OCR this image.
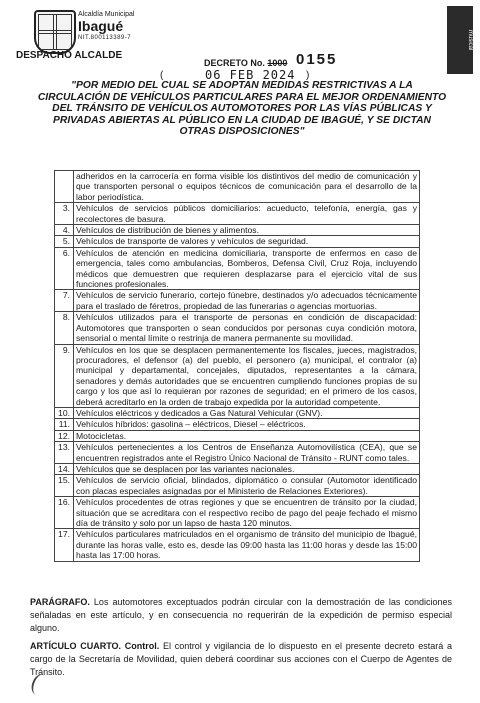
Alcaldía Municipal
Ibagué
NIT.800113389-7
DESPACHO ALCALDE
musical
DECRETO No. 1000 0155
(	06 FEB 2024 )
"POR MEDIO DEL CUAL SE ADOPTAN MEDIDAS RESTRICTIVAS A LA CIRCULACIÓN DE VEHÍCULOS PARTICULARES PARA EL MEJOR ORDENAMIENTO DEL TRÁNSITO DE VEHÍCULOS AUTOMOTORES POR LAS VÍAS PÚBLICAS Y PRIVADAS ABIERTAS AL PÚBLICO EN LA CIUDAD DE IBAGUÉ, Y SE DICTAN OTRAS DISPOSICIONES"
	adheridos en la carrocería en forma visible los distintivos del medio de comunicación y que transporten personal o equipos técnicos de comunicación para el desarrollo de la labor periodística.
3.	Vehículos de servicios públicos domiciliarios: acueducto, telefonía, energía, gas y recolectores de basura.
4.	Vehículos de distribución de bienes y alimentos.
5.	Vehículos de transporte de valores y vehículos de seguridad.
6.	Vehículos de atención en medicina domiciliaria, transporte de enfermos en caso de emergencia, tales como ambulancias, Bomberos, Defensa Civil, Cruz Roja, incluyendo médicos que demuestren que requieren desplazarse para el ejercicio vital de sus funciones profesionales.
7.	Vehículos de servicio funerario, cortejo fúnebre, destinados y/o adecuados técnicamente para el traslado de féretros, propiedad de las funerarias o agencias mortuorias.
8.	Vehículos utilizados para el transporte de personas en condición de discapacidad: Automotores que transporten o sean conducidos por personas cuya condición motora, sensorial o mental límite o restrinja de manera permanente su movilidad.
9.	Vehículos en los que se desplacen permanentemente los fiscales, jueces, magistrados, procuradores, el defensor (a) del pueblo, el personero (a) municipal, el contralor (a) municipal y departamental, concejales, diputados, representantes a la cámara, senadores y demás autoridades que se encuentren cumpliendo funciones propias de su cargo y los que así lo requieran por razones de seguridad; en el primero de los casos, deberá acreditarlo en la orden de trabajo expedida por la autoridad competente.
10.	Vehículos eléctricos y dedicados a Gas Natural Vehicular (GNV).
11.	Vehículos híbridos: gasolina – eléctricos, Diesel – eléctricos.
12.	Motocicletas.
13.	Vehículos pertenecientes a los Centros de Enseñanza Automovilística (CEA), que se encuentren registrados ante el Registro Único Nacional de Tránsito - RUNT como tales.
14.	Vehículos que se desplacen por las variantes nacionales.
15.	Vehículos de servicio oficial, blindados, diplomático o consular (Automotor identificado con placas especiales asignadas por el Ministerio de Relaciones Exteriores).
16.	Vehículos procedentes de otras regiones y que se encuentren de tránsito por la ciudad, situación que se acreditara con el respectivo recibo de pago del peaje fechado el mismo día de tránsito y solo por un lapso de hasta 120 minutos.
17.	Vehículos particulares matriculados en el organismo de tránsito del municipio de Ibagué, durante las horas valle, esto es, desde las 09:00 hasta las 11:00 horas y desde las 15:00 hasta las 17:00 horas.
PARÁGRAFO. Los automotores exceptuados podrán circular con la demostración de las condiciones señaladas en este artículo, y en consecuencia no requerirán de la expedición de permiso especial alguno.
ARTÍCULO CUARTO. Control. El control y vigilancia de lo dispuesto en el presente decreto estará a cargo de la Secretaría de Movilidad, quien deberá coordinar sus acciones con el Cuerpo de Agentes de Tránsito.
